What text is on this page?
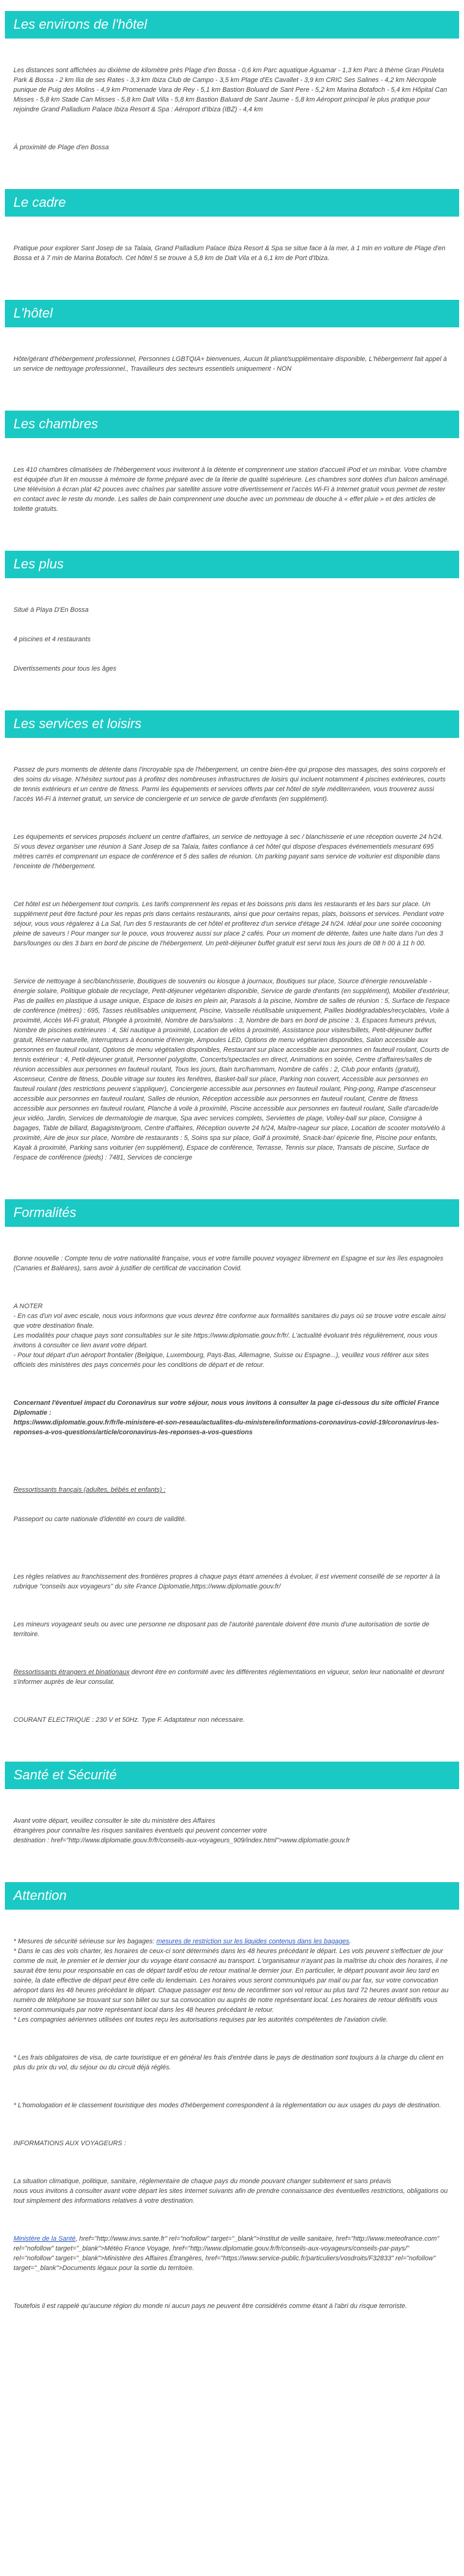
Les environs de l'hôtel

Les distances sont affichées au dixième de kilomètre près Plage d'en Bossa - 0,6 km Parc aquatique Aguamar - 1,3 km Parc à thème Gran Piruleta Park & Bossa - 2 km Ilia de ses Rates - 3,3 km Ibiza Club de Campo - 3,5 km Plage d'Es Cavallet - 3,9 km CRIC Ses Salines - 4,2 km Nécropole punique de Puig des Molins - 4,9 km Promenade Vara de Rey - 5,1 km Bastion Boluard de Sant Pere - 5,2 km Marina Botafoch - 5,4 km Hôpital Can Misses - 5,8 km Stade Can Misses - 5,8 km Dalt Villa - 5,8 km Bastion Baluard de Sant Jaume - 5,8 km Aéroport principal le plus pratique pour rejoindre Grand Palladium Palace Ibiza Resort & Spa : Aéroport d'Ibiza (IBZ) - 4,4 km

À proximité de Plage d'en Bossa

Le cadre

Pratique pour explorer Sant Josep de sa Talaia, Grand Palladium Palace Ibiza Resort & Spa se situe face à la mer, à 1 min en voiture de Plage d'en Bossa et à 7 min de Marina Botafoch. Cet hôtel 5 se trouve à 5,8 km de Dalt Vila et à 6,1 km de Port d'Ibiza.

L'hôtel

Hôte/gérant d'hébergement professionnel, Personnes LGBTQIA+ bienvenues, Aucun lit pliant/supplémentaire disponible, L'hébergement fait appel à un service de nettoyage professionnel., Travailleurs des secteurs essentiels uniquement - NON

Les chambres

Les 410 chambres climatisées de l'hébergement vous inviteront à la détente et comprennent une station d'accueil iPod et un minibar. Votre chambre est équipée d'un lit en mousse à mémoire de forme préparé avec de la literie de qualité supérieure. Les chambres sont dotées d'un balcon aménagé. Une télévision à écran plat 42 pouces avec chaînes par satellite assure votre divertissement et l'accès Wi-Fi à Internet gratuit vous permet de rester en contact avec le reste du monde. Les salles de bain comprennent une douche avec un pommeau de douche à « effet pluie » et des articles de toilette gratuits.

Les plus

Situé à Playa D'En Bossa

4 piscines et 4 restaurants

Divertissements pour tous les âges

Les services et loisirs

Passez de purs moments de détente dans l'incroyable spa de l'hébergement, un centre bien-être qui propose des massages, des soins corporels et des soins du visage. N'hésitez surtout pas à profitez des nombreuses infrastructures de loisirs qui incluent notamment 4 piscines extérieures, courts de tennis extérieurs et un centre de fitness. Parmi les équipements et services offerts par cet hôtel de style méditerranéen, vous trouverez aussi l'accès Wi-Fi à Internet gratuit, un service de conciergerie et un service de garde d'enfants (en supplément).

Les équipements et services proposés incluent un centre d'affaires, un service de nettoyage à sec / blanchisserie et une réception ouverte 24 h/24. Si vous devez organiser une réunion à Sant Josep de sa Talaia, faites confiance à cet hôtel qui dispose d'espaces événementiels mesurant 695 mètres carrés et comprenant un espace de conférence et 5 des salles de réunion. Un parking payant sans service de voiturier est disponible dans l'enceinte de l'hébergement.

Cet hôtel est un hébergement tout compris. Les tarifs comprennent les repas et les boissons pris dans les restaurants et les bars sur place. Un supplément peut être facturé pour les repas pris dans certains restaurants, ainsi que pour certains repas, plats, boissons et services. Pendant votre séjour, vous vous régalerez à La Sal, l'un des 5 restaurants de cet hôtel et profiterez d'un service d'étage 24 h/24. Idéal pour une soirée cocooning pleine de saveurs ! Pour manger sur le pouce, vous trouverez aussi sur place 2 cafés. Pour un moment de détente, faites une halte dans l'un des 3 bars/lounges ou des 3 bars en bord de piscine de l'hébergement. Un petit-déjeuner buffet gratuit est servi tous les jours de 08 h 00 à 11 h 00.

Service de nettoyage à sec/blanchisserie, Boutiques de souvenirs ou kiosque à journaux, Boutiques sur place, Source d'énergie renouvelable - énergie solaire, Politique globale de recyclage, Petit-déjeuner végétarien disponible, Service de garde d'enfants (en supplément), Mobilier d'extérieur, Pas de pailles en plastique à usage unique, Espace de loisirs en plein air, Parasols à la piscine, Nombre de salles de réunion : 5, Surface de l'espace de conférence (mètres) : 695, Tasses réutilisables uniquement, Piscine, Vaisselle réutilisable uniquement, Pailles biodégradables/recyclables, Voile à proximité, Accès Wi-Fi gratuit, Plongée à proximité, Nombre de bars/salons : 3, Nombre de bars en bord de piscine : 3, Espaces fumeurs prévus, Nombre de piscines extérieures : 4, Ski nautique à proximité, Location de vélos à proximité, Assistance pour visites/billets, Petit-déjeuner buffet gratuit, Réserve naturelle, Interrupteurs à économie d'énergie, Ampoules LED, Options de menu végétarien disponibles, Salon accessible aux personnes en fauteuil roulant, Options de menu végétalien disponibles, Restaurant sur place accessible aux personnes en fauteuil roulant, Courts de tennis extérieur : 4, Petit-déjeuner gratuit, Personnel polyglotte, Concerts/spectacles en direct, Animations en soirée, Centre d'affaires/salles de réunion accessibles aux personnes en fauteuil roulant, Tous les jours, Bain turc/hammam, Nombre de cafés : 2, Club pour enfants (gratuit), Ascenseur, Centre de fitness, Double vitrage sur toutes les fenêtres, Basket-ball sur place, Parking non couvert, Accessible aux personnes en fauteuil roulant (des restrictions peuvent s'appliquer), Conciergerie accessible aux personnes en fauteuil roulant, Ping-pong, Rampe d'ascenseur accessible aux personnes en fauteuil roulant, Salles de réunion, Réception accessible aux personnes en fauteuil roulant, Centre de fitness accessible aux personnes en fauteuil roulant, Planche à voile à proximité, Piscine accessible aux personnes en fauteuil roulant, Salle d'arcade/de jeux vidéo, Jardin, Services de dermatologie de marque, Spa avec services complets, Serviettes de plage, Volley-ball sur place, Consigne à bagages, Table de billard, Bagagiste/groom, Centre d'affaires, Réception ouverte 24 h/24, Maître-nageur sur place, Location de scooter moto/vélo à proximité, Aire de jeux sur place, Nombre de restaurants : 5, Soins spa sur place, Golf à proximité, Snack-bar/ épicerie fine, Piscine pour enfants, Kayak à proximité, Parking sans voiturier (en supplément), Espace de conférence, Terrasse, Tennis sur place, Transats de piscine, Surface de l'espace de conférence (pieds) : 7481, Services de concierge

Formalités

Bonne nouvelle : Compte tenu de votre nationalité française, vous et votre famille pouvez voyagez librement en Espagne et sur les îles espagnoles (Canaries et Baléares), sans avoir à justifier de certificat de vaccination Covid.

A NOTER
- En cas d'un vol avec escale, nous vous informons que vous devrez être conforme aux formalités sanitaires du pays où se trouve votre escale ainsi que votre destination finale.
Les modalités pour chaque pays sont consultables sur le site https://www.diplomatie.gouv.fr/fr/. L'actualité évoluant très régulièrement, nous vous invitons à consulter ce lien avant votre départ.
- Pour tout départ d'un aéroport frontalier (Belgique, Luxembourg, Pays-Bas, Allemagne, Suisse ou Espagne...), veuillez vous référer aux sites officiels des ministères des pays concernés pour les conditions de départ et de retour.

Concernant l'éventuel impact du Coronavirus sur votre séjour, nous vous invitons à consulter la page ci-dessous du site officiel France Diplomatie :
https://www.diplomatie.gouv.fr/fr/le-ministere-et-son-reseau/actualites-du-ministere/informations-coronavirus-covid-19/coronavirus-les-reponses-a-vos-questions/article/coronavirus-les-reponses-a-vos-questions

Ressortissants français (adultes, bébés et enfants) :

Passeport ou carte nationale d'identité en cours de validité.

Les règles relatives au franchissement des frontières propres à chaque pays étant amenées à évoluer, il est vivement conseillé de se reporter à la rubrique "conseils aux voyageurs" du site France Diplomatie,https://www.diplomatie.gouv.fr/

Les mineurs voyageant seuls ou avec une personne ne disposant pas de l'autorité parentale doivent être munis d'une autorisation de sortie de territoire.

Ressortissants étrangers et binationaux devront être en conformité avec les différentes réglementations en vigueur, selon leur nationalité et devront s'informer auprès de leur consulat.

COURANT ELECTRIQUE : 230 V et 50Hz. Type F. Adaptateur non nécessaire.

Santé et Sécurité

Avant votre départ, veuillez consulter le site du ministère des Affaires
étrangères pour connaître les risques sanitaires éventuels qui peuvent concerner votre
destination : href="http://www.diplomatie.gouv.fr/fr/conseils-aux-voyageurs_909/index.html">www.diplomatie.gouv.fr

Attention

* Mesures de sécurité sérieuse sur les bagages: mesures de restriction sur les liquides contenus dans les bagages.
* Dans le cas des vols charter, les horaires de ceux-ci sont déterminés dans les 48 heures précédant le départ. Les vols peuvent s'effectuer de jour comme de nuit, le premier et le dernier jour du voyage étant consacré au transport. L'organisateur n'ayant pas la maîtrise du choix des horaires, il ne saurait être tenu pour responsable en cas de départ tardif et/ou de retour matinal le dernier jour. En particulier, le départ pouvant avoir lieu tard en soirée, la date effective de départ peut être celle du lendemain. Les horaires vous seront communiqués par mail ou par fax, sur votre convocation aéroport dans les 48 heures précédant le départ. Chaque passager est tenu de reconfirmer son vol retour au plus tard 72 heures avant son retour au numéro de téléphone se trouvant sur son billet ou sur sa convocation ou auprès de notre représentant local. Les horaires de retour définitifs vous seront communiqués par notre représentant local dans les 48 heures précédant le retour.
* Les compagnies aériennes utilisées ont toutes reçu les autorisations requises par les autorités compétentes de l'aviation civile.

* Les frais obligatoires de visa, de carte touristique et en général les frais d'entrée dans le pays de destination sont toujours à la charge du client en plus du prix du vol, du séjour ou du circuit déjà réglés.

* L'homologation et le classement touristique des modes d'hébergement correspondent à la réglementation ou aux usages du pays de destination.

INFORMATIONS AUX VOYAGEURS :

La situation climatique, politique, sanitaire, réglementaire de chaque pays du monde pouvant changer subitement et sans préavis
nous vous invitons à consulter avant votre départ les sites Internet suivants afin de prendre connaissance des éventuelles restrictions, obligations ou tout simplement des informations relatives à votre destination.

Ministère de la Santé, href="http://www.invs.sante.fr" rel="nofollow" target="_blank">Institut de veille sanitaire, href="http://www.meteofrance.com" rel="nofollow" target="_blank">Météo France Voyage, href="http://www.diplomatie.gouv.fr/fr/conseils-aux-voyageurs/conseils-par-pays/" rel="nofollow" target="_blank">Ministère des Affaires Étrangères, href="https://www.service-public.fr/particuliers/vosdroits/F32833" rel="nofollow" target="_blank">Documents légaux pour la sortie du territoire.

Toutefois il est rappelé qu'aucune région du monde ni aucun pays ne peuvent être considérés comme étant à l'abri du risque terroriste.
